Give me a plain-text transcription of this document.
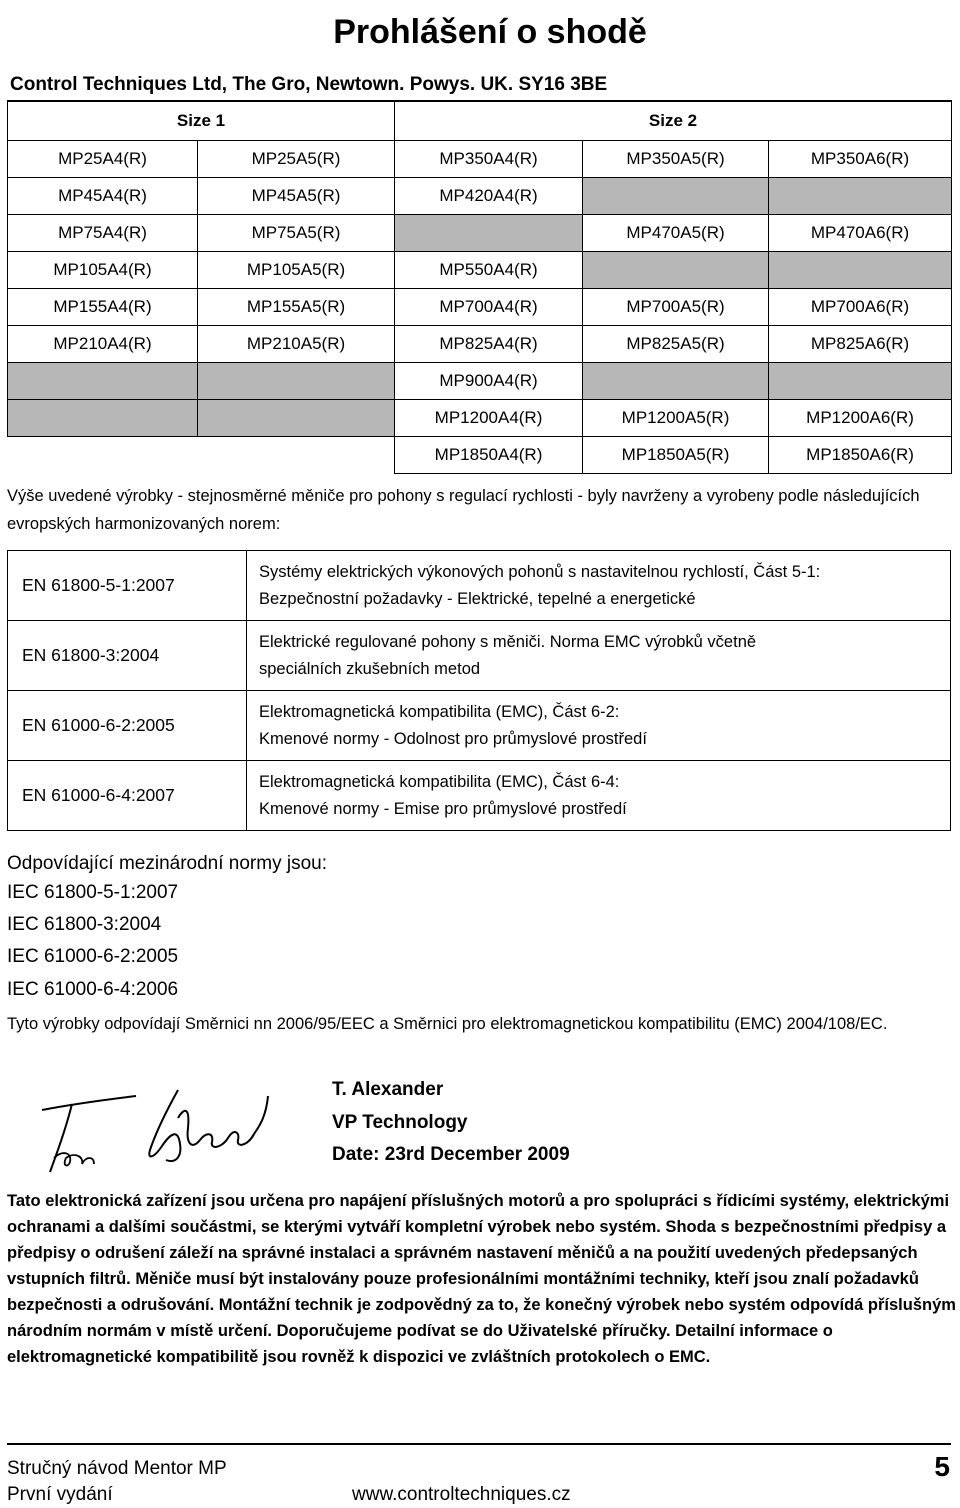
Prohlášení o shodě
Control Techniques Ltd, The Gro, Newtown. Powys. UK. SY16 3BE
Size 1		Size 2		
MP25A4(R)	MP25A5(R)	MP350A4(R)	MP350A5(R)	MP350A6(R)
MP45A4(R)	MP45A5(R)	MP420A4(R)		
MP75A4(R)	MP75A5(R)		MP470A5(R)	MP470A6(R)
MP105A4(R)	MP105A5(R)	MP550A4(R)		
MP155A4(R)	MP155A5(R)	MP700A4(R)	MP700A5(R)	MP700A6(R)
MP210A4(R)	MP210A5(R)	MP825A4(R)	MP825A5(R)	MP825A6(R)
		MP900A4(R)		
		MP1200A4(R)	MP1200A5(R)	MP1200A6(R)
		MP1850A4(R)	MP1850A5(R)	MP1850A6(R)
Výše uvedené výrobky - stejnosměrné měniče pro pohony s regulací rychlosti - byly navrženy a vyrobeny podle následujících evropských harmonizovaných norem:
EN 61800-5-1:2007	Systémy elektrických výkonových pohonů s nastavitelnou rychlostí, Část 5-1:
Bezpečnostní požadavky - Elektrické, tepelné a energetické

EN 61800-3:2004	Elektrické regulované pohony s měniči. Norma EMC výrobků včetně
speciálních zkušebních metod

EN 61000-6-2:2005	Elektromagnetická kompatibilita (EMC), Část 6-2:
Kmenové normy - Odolnost pro průmyslové prostředí

EN 61000-6-4:2007	Elektromagnetická kompatibilita (EMC), Část 6-4:
Kmenové normy - Emise pro průmyslové prostředí
Odpovídající mezinárodní normy jsou:
IEC 61800-5-1:2007
IEC 61800-3:2004
IEC 61000-6-2:2005
IEC 61000-6-4:2006
Tyto výrobky odpovídají Směrnici nn 2006/95/EEC a Směrnici pro elektromagnetickou kompatibilitu (EMC) 2004/108/EC.
T. Alexander
VP Technology
Date: 23rd December 2009
Tato elektronická zařízení jsou určena pro napájení příslušných motorů a pro spolupráci s řídicími systémy, elektrickými ochranami a dalšími součástmi, se kterými vytváří kompletní výrobek nebo systém. Shoda s bezpečnostními předpisy a předpisy o odrušení záleží na správné instalaci a správném nastavení měničů a na použití uvedených předepsaných vstupních filtrů. Měniče musí být instalovány pouze profesionálními montážními techniky, kteří jsou znalí požadavků bezpečnosti a odrušování. Montážní technik je zodpovědný za to, že konečný výrobek nebo systém odpovídá příslušným národním normám v místě určení. Doporučujeme podívat se do Uživatelské příručky. Detailní informace o elektromagnetické kompatibilitě jsou rovněž k dispozici ve zvláštních protokolech o EMC.
Stručný návod Mentor MP
První vydání	www.controltechniques.cz
5
